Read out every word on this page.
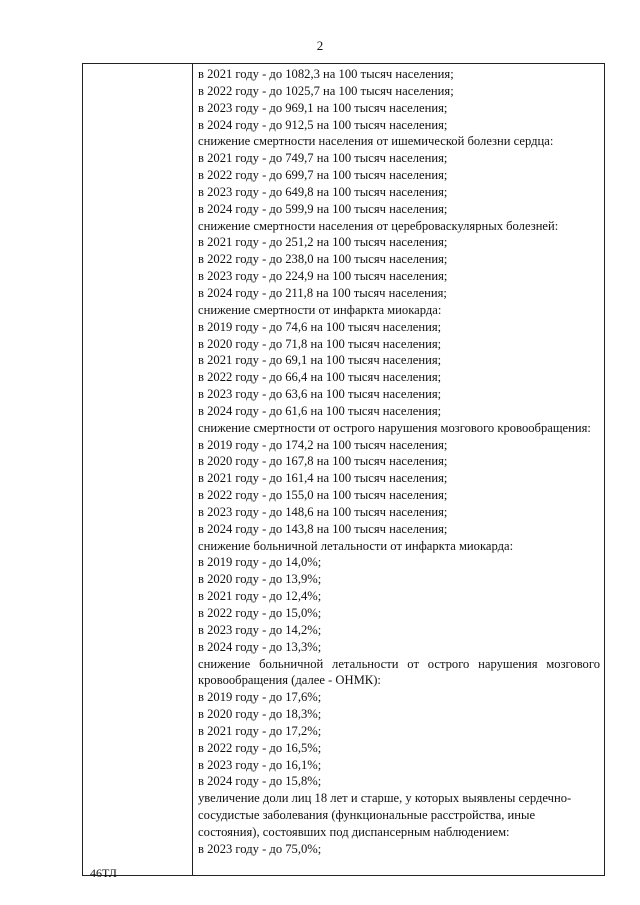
2
в 2021 году - до 1082,3 на 100 тысяч населения;
в 2022 году - до 1025,7 на 100 тысяч населения;
в 2023 году - до 969,1 на 100 тысяч населения;
в 2024 году - до 912,5 на 100 тысяч населения;
снижение смертности населения от ишемической болезни сердца:
в 2021 году - до 749,7 на 100 тысяч населения;
в 2022 году - до 699,7 на 100 тысяч населения;
в 2023 году - до 649,8 на 100 тысяч населения;
в 2024 году - до 599,9 на 100 тысяч населения;
снижение смертности населения от цереброваскулярных болезней:
в 2021 году - до 251,2 на 100 тысяч населения;
в 2022 году - до 238,0 на 100 тысяч населения;
в 2023 году - до 224,9 на 100 тысяч населения;
в 2024 году - до 211,8 на 100 тысяч населения;
снижение смертности от инфаркта миокарда:
в 2019 году - до 74,6 на 100 тысяч населения;
в 2020 году - до 71,8 на 100 тысяч населения;
в 2021 году - до 69,1 на 100 тысяч населения;
в 2022 году - до 66,4 на 100 тысяч населения;
в 2023 году - до 63,6 на 100 тысяч населения;
в 2024 году - до 61,6 на 100 тысяч населения;
снижение смертности от острого нарушения мозгового кровообращения:
в 2019 году - до 174,2 на 100 тысяч населения;
в 2020 году - до 167,8 на 100 тысяч населения;
в 2021 году - до 161,4 на 100 тысяч населения;
в 2022 году - до 155,0 на 100 тысяч населения;
в 2023 году - до 148,6 на 100 тысяч населения;
в 2024 году - до 143,8 на 100 тысяч населения;
снижение больничной летальности от инфаркта миокарда:
в 2019 году - до 14,0%;
в 2020 году - до 13,9%;
в 2021 году - до 12,4%;
в 2022 году - до 15,0%;
в 2023 году - до 14,2%;
в 2024 году - до 13,3%;
снижение больничной летальности от острого нарушения мозгового
кровообращения (далее - ОНМК):
в 2019 году - до 17,6%;
в 2020 году - до 18,3%;
в 2021 году - до 17,2%;
в 2022 году - до 16,5%;
в 2023 году - до 16,1%;
в 2024 году - до 15,8%;
увеличение доли лиц 18 лет и старше, у которых выявлены сердечно-
сосудистые заболевания (функциональные расстройства, иные
состояния), состоявших под диспансерным наблюдением:
в 2023 году - до 75,0%;
46ТЛ
